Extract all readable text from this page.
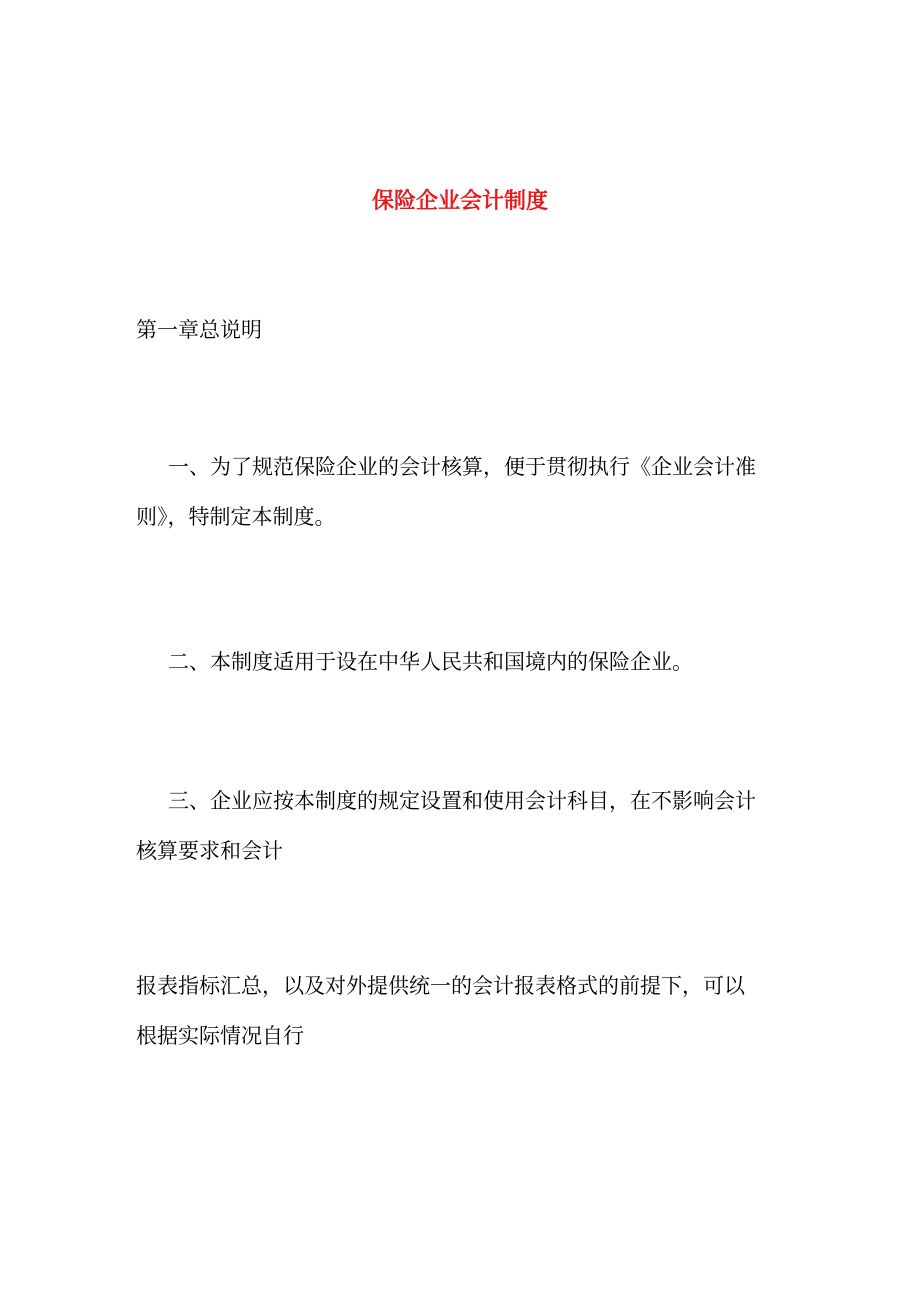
保险企业会计制度
第一章总说明

一、为了规范保险企业的会计核算，便于贯彻执行《企业会计准
则》，特制定本制度。

二、本制度适用于设在中华人民共和国境内的保险企业。

三、企业应按本制度的规定设置和使用会计科目，在不影响会计
核算要求和会计

报表指标汇总，以及对外提供统一的会计报表格式的前提下，可以
根据实际情况自行
